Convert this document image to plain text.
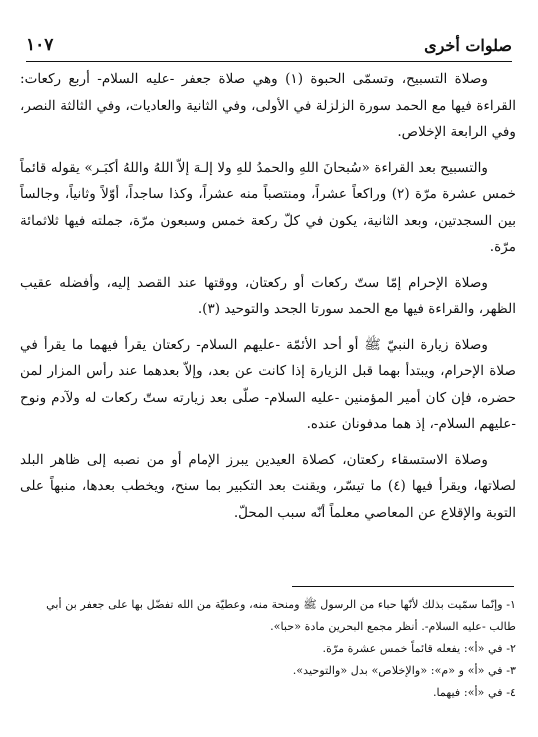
صلوات أخرى
١٠٧

وصلاة التسبيح، وتسمّى الحبوة (١) وهي صلاة جعفر -عليه السلام- أربع ركعات: القراءة فيها مع الحمد سورة الزلزلة في الأولى، وفي الثانية والعاديات، وفي الثالثة النصر، وفي الرابعة الإخلاص.

والتسبيح بعد القراءة «سُبحانَ اللهِ والحمدُ للهِ ولا إلـهَ إلاّ اللهُ واللهُ أكبَـر» يقوله قائماً خمس عشرة مرّة (٢) وراكعاً عشراً، ومنتصباً منه عشراً، وكذا ساجداً، أوّلاً وثانياً، وجالساً بين السجدتين، وبعد الثانية، يكون في كلّ ركعة خمس وسبعون مرّة، جملته فيها ثلاثمائة مرّة.

وصلاة الإحرام إمّا ستّ ركعات أو ركعتان، ووقتها عند القصد إليه، وأفضله عقيب الظهر، والقراءة فيها مع الحمد سورتا الجحد والتوحيد (٣).

وصلاة زيارة النبيّ ﷺ أو أحد الأئمّة -عليهم السلام- ركعتان يقرأ فيهما ما يقرأ في صلاة الإحرام، ويبتدأ بهما قبل الزيارة إذا كانت عن بعد، وإلاّ بعدهما عند رأس المزار لمن حضره، فإن كان أمير المؤمنين -عليه السلام- صلّى بعد زيارته ستّ ركعات له ولآدم ونوح -عليهم السلام-، إذ هما مدفونان عنده.

وصلاة الاستسقاء ركعتان، كصلاة العيدين يبرز الإمام أو من نصبه إلى ظاهر البلد لصلاتها، ويقرأ فيها (٤) ما تيسّر، ويقنت بعد التكبير بما سنح، ويخطب بعدها، منبهاً على التوبة والإقلاع عن المعاصي معلماً أنّه سبب المحلّ.

١- وإنّما سمّيت بذلك لأنّها حباء من الرسول ﷺ ومنحة منه، وعطيّة من الله تفضّل بها على جعفر بن أبي طالب -عليه السلام-. أنظر مجمع البحرين مادة «حبا».

٢- في «أ»: يفعله قائماً خمس عشرة مرّة.

٣- في «أ» و «م»: «والإخلاص» بدل «والتوحيد».

٤- في «أ»: فيهما.
